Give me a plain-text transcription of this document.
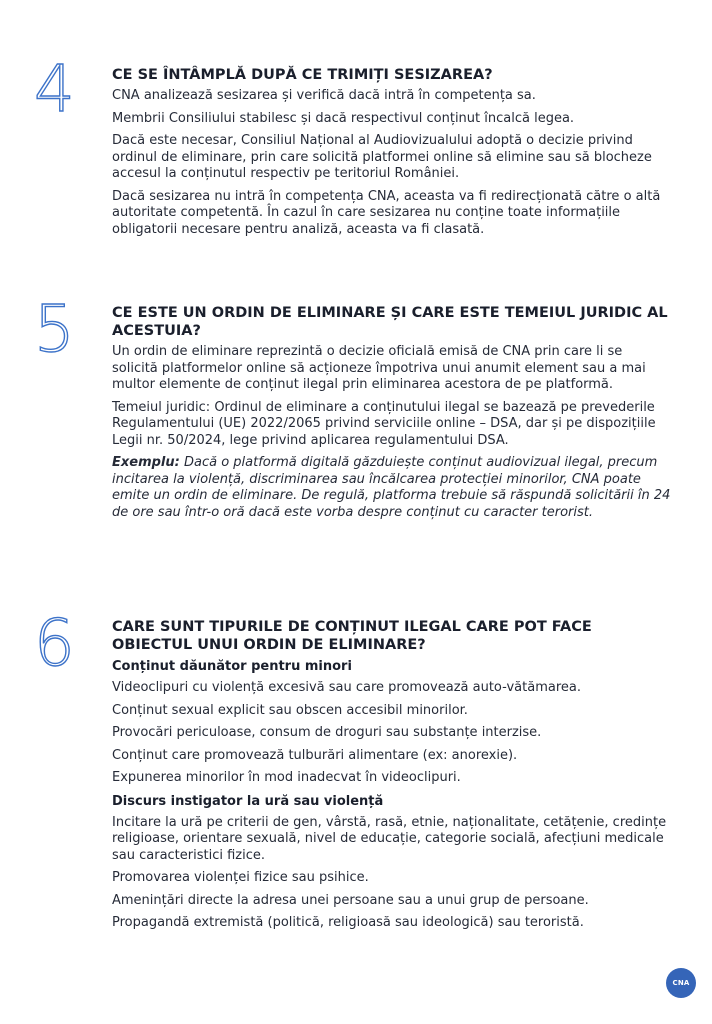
4	CE SE ÎNTÂMPLĂ DUPĂ CE TRIMIȚI SESIZAREA?

CNA analizează sesizarea și verifică dacă intră în competența sa.

Membrii Consiliului stabilesc și dacă respectivul conținut încalcă legea.

Dacă este necesar, Consiliul Național al Audiovizualului adoptă o decizie privind ordinul de eliminare, prin care solicită platformei online să elimine sau să blocheze accesul la conținutul respectiv pe teritoriul României.

Dacă sesizarea nu intră în competența CNA, aceasta va fi redirecționată către o altă autoritate competentă. În cazul în care sesizarea nu conține toate informațiile obligatorii necesare pentru analiză, aceasta va fi clasată.

5	CE ESTE UN ORDIN DE ELIMINARE ȘI CARE ESTE TEMEIUL JURIDIC AL ACESTUIA?

Un ordin de eliminare reprezintă o decizie oficială emisă de CNA prin care li se solicită platformelor online să acționeze împotriva unui anumit element sau a mai multor elemente de conținut ilegal prin eliminarea acestora de pe platformă.

Temeiul juridic: Ordinul de eliminare a conținutului ilegal se bazează pe prevederile Regulamentului (UE) 2022/2065 privind serviciile online – DSA, dar și pe dispozițiile Legii nr. 50/2024, lege privind aplicarea regulamentului DSA.

Exemplu: Dacă o platformă digitală găzduiește conținut audiovizual ilegal, precum incitarea la violență, discriminarea sau încălcarea protecției minorilor, CNA poate emite un ordin de eliminare. De regulă, platforma trebuie să răspundă solicitării în 24 de ore sau într-o oră dacă este vorba despre conținut cu caracter terorist.

6	CARE SUNT TIPURILE DE CONȚINUT ILEGAL CARE POT FACE OBIECTUL UNUI ORDIN DE ELIMINARE?
Conținut dăunător pentru minori

Videoclipuri cu violență excesivă sau care promovează auto-vătămarea.

Conținut sexual explicit sau obscen accesibil minorilor.

Provocări periculoase, consum de droguri sau substanțe interzise.

Conținut care promovează tulburări alimentare (ex: anorexie).

Expunerea minorilor în mod inadecvat în videoclipuri.

Discurs instigator la ură sau violență

Incitare la ură pe criterii de gen, vârstă, rasă, etnie, naționalitate, cetățenie, credințe religioase, orientare sexuală, nivel de educație, categorie socială, afecțiuni medicale sau caracteristici fizice.

Promovarea violenței fizice sau psihice.

Amenințări directe la adresa unei persoane sau a unui grup de persoane.

Propagandă extremistă (politică, religioasă sau ideologică) sau teroristă.

CNA
